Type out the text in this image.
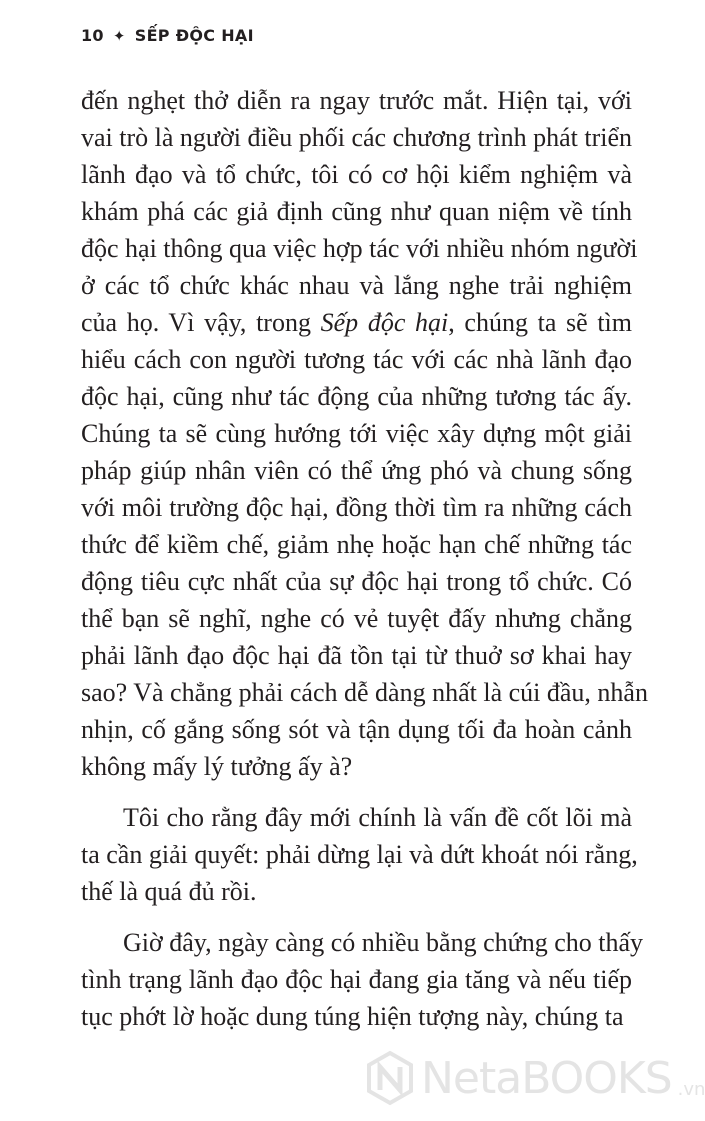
10 ✦ SẾP ĐỘC HẠI
đến nghẹt thở diễn ra ngay trước mắt. Hiện tại, với
vai trò là người điều phối các chương trình phát triển
lãnh đạo và tổ chức, tôi có cơ hội kiểm nghiệm và
khám phá các giả định cũng như quan niệm về tính
độc hại thông qua việc hợp tác với nhiều nhóm người
ở các tổ chức khác nhau và lắng nghe trải nghiệm
của họ. Vì vậy, trong Sếp độc hại, chúng ta sẽ tìm
hiểu cách con người tương tác với các nhà lãnh đạo
độc hại, cũng như tác động của những tương tác ấy.
Chúng ta sẽ cùng hướng tới việc xây dựng một giải
pháp giúp nhân viên có thể ứng phó và chung sống
với môi trường độc hại, đồng thời tìm ra những cách
thức để kiềm chế, giảm nhẹ hoặc hạn chế những tác
động tiêu cực nhất của sự độc hại trong tổ chức. Có
thể bạn sẽ nghĩ, nghe có vẻ tuyệt đấy nhưng chẳng
phải lãnh đạo độc hại đã tồn tại từ thuở sơ khai hay
sao? Và chẳng phải cách dễ dàng nhất là cúi đầu, nhẫn
nhịn, cố gắng sống sót và tận dụng tối đa hoàn cảnh
không mấy lý tưởng ấy à?
Tôi cho rằng đây mới chính là vấn đề cốt lõi mà
ta cần giải quyết: phải dừng lại và dứt khoát nói rằng,
thế là quá đủ rồi.
Giờ đây, ngày càng có nhiều bằng chứng cho thấy
tình trạng lãnh đạo độc hại đang gia tăng và nếu tiếp
tục phớt lờ hoặc dung túng hiện tượng này, chúng ta
NetaBOOKS .vn
